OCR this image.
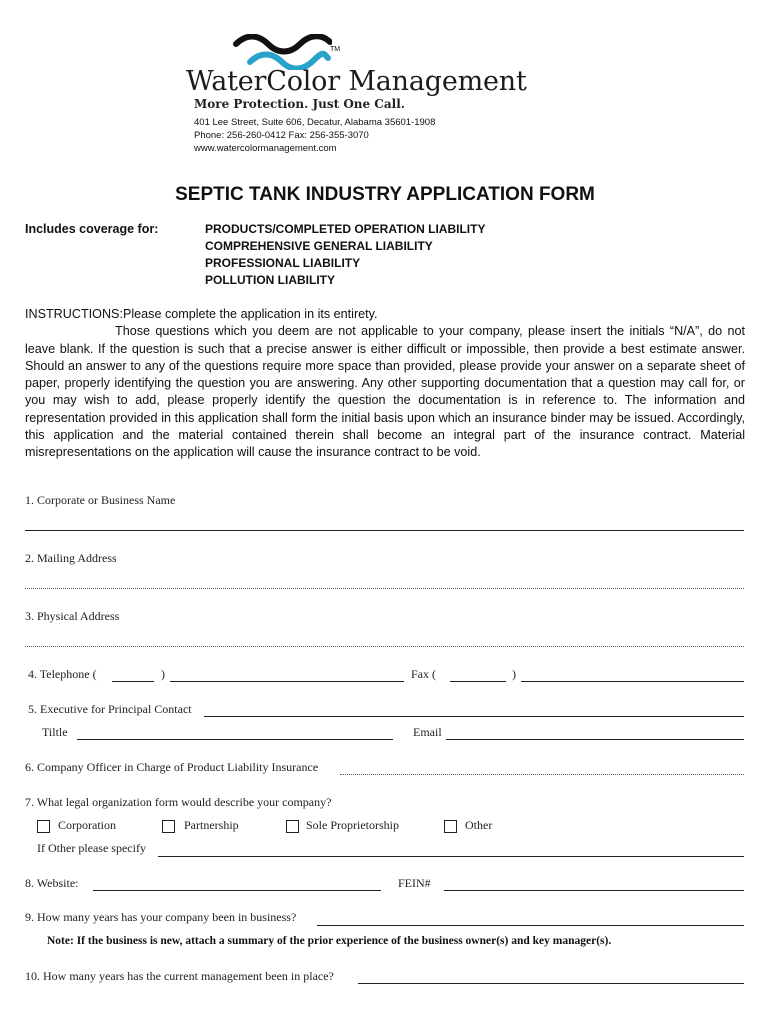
TM
WaterColor Management
More Protection. Just One Call.
401 Lee Street, Suite 606, Decatur, Alabama 35601-1908
Phone: 256-260-0412 Fax: 256-355-3070
www.watercolormanagement.com
SEPTIC TANK INDUSTRY APPLICATION FORM
Includes coverage for:	PRODUCTS/COMPLETED OPERATION LIABILITY
COMPREHENSIVE GENERAL LIABILITY
PROFESSIONAL LIABILITY
POLLUTION LIABILITY

INSTRUCTIONS:Please complete the application in its entirety.

Those questions which you deem are not applicable to your company, please insert the initials “N/A”, do not leave blank. If the question is such that a precise answer is either difficult or impossible, then provide a best estimate answer. Should an answer to any of the questions require more space than provided, please provide your answer on a separate sheet of paper, properly identifying the question you are answering. Any other supporting documentation that a question may call for, or you may wish to add, please properly identify the question the documentation is in reference to. The information and representation provided in this application shall form the initial basis upon which an insurance binder may be issued. Accordingly, this application and the material contained therein shall become an integral part of the insurance contract. Material misrepresentations on the application will cause the insurance contract to be void.

1. Corporate or Business Name
2. Mailing Address
3. Physical Address
4. Telephone (	)	Fax (	)
5. Executive for Principal Contact
Tiltle	Email
6. Company Officer in Charge of Product Liability Insurance
7. What legal organization form would describe your company?
Corporation	Partnership	Sole Proprietorship	Other
If Other please specify
8. Website:	FEIN#
9. How many years has your company been in business?
Note: If the business is new, attach a summary of the prior experience of the business owner(s) and key manager(s).
10. How many years has the current management been in place?
